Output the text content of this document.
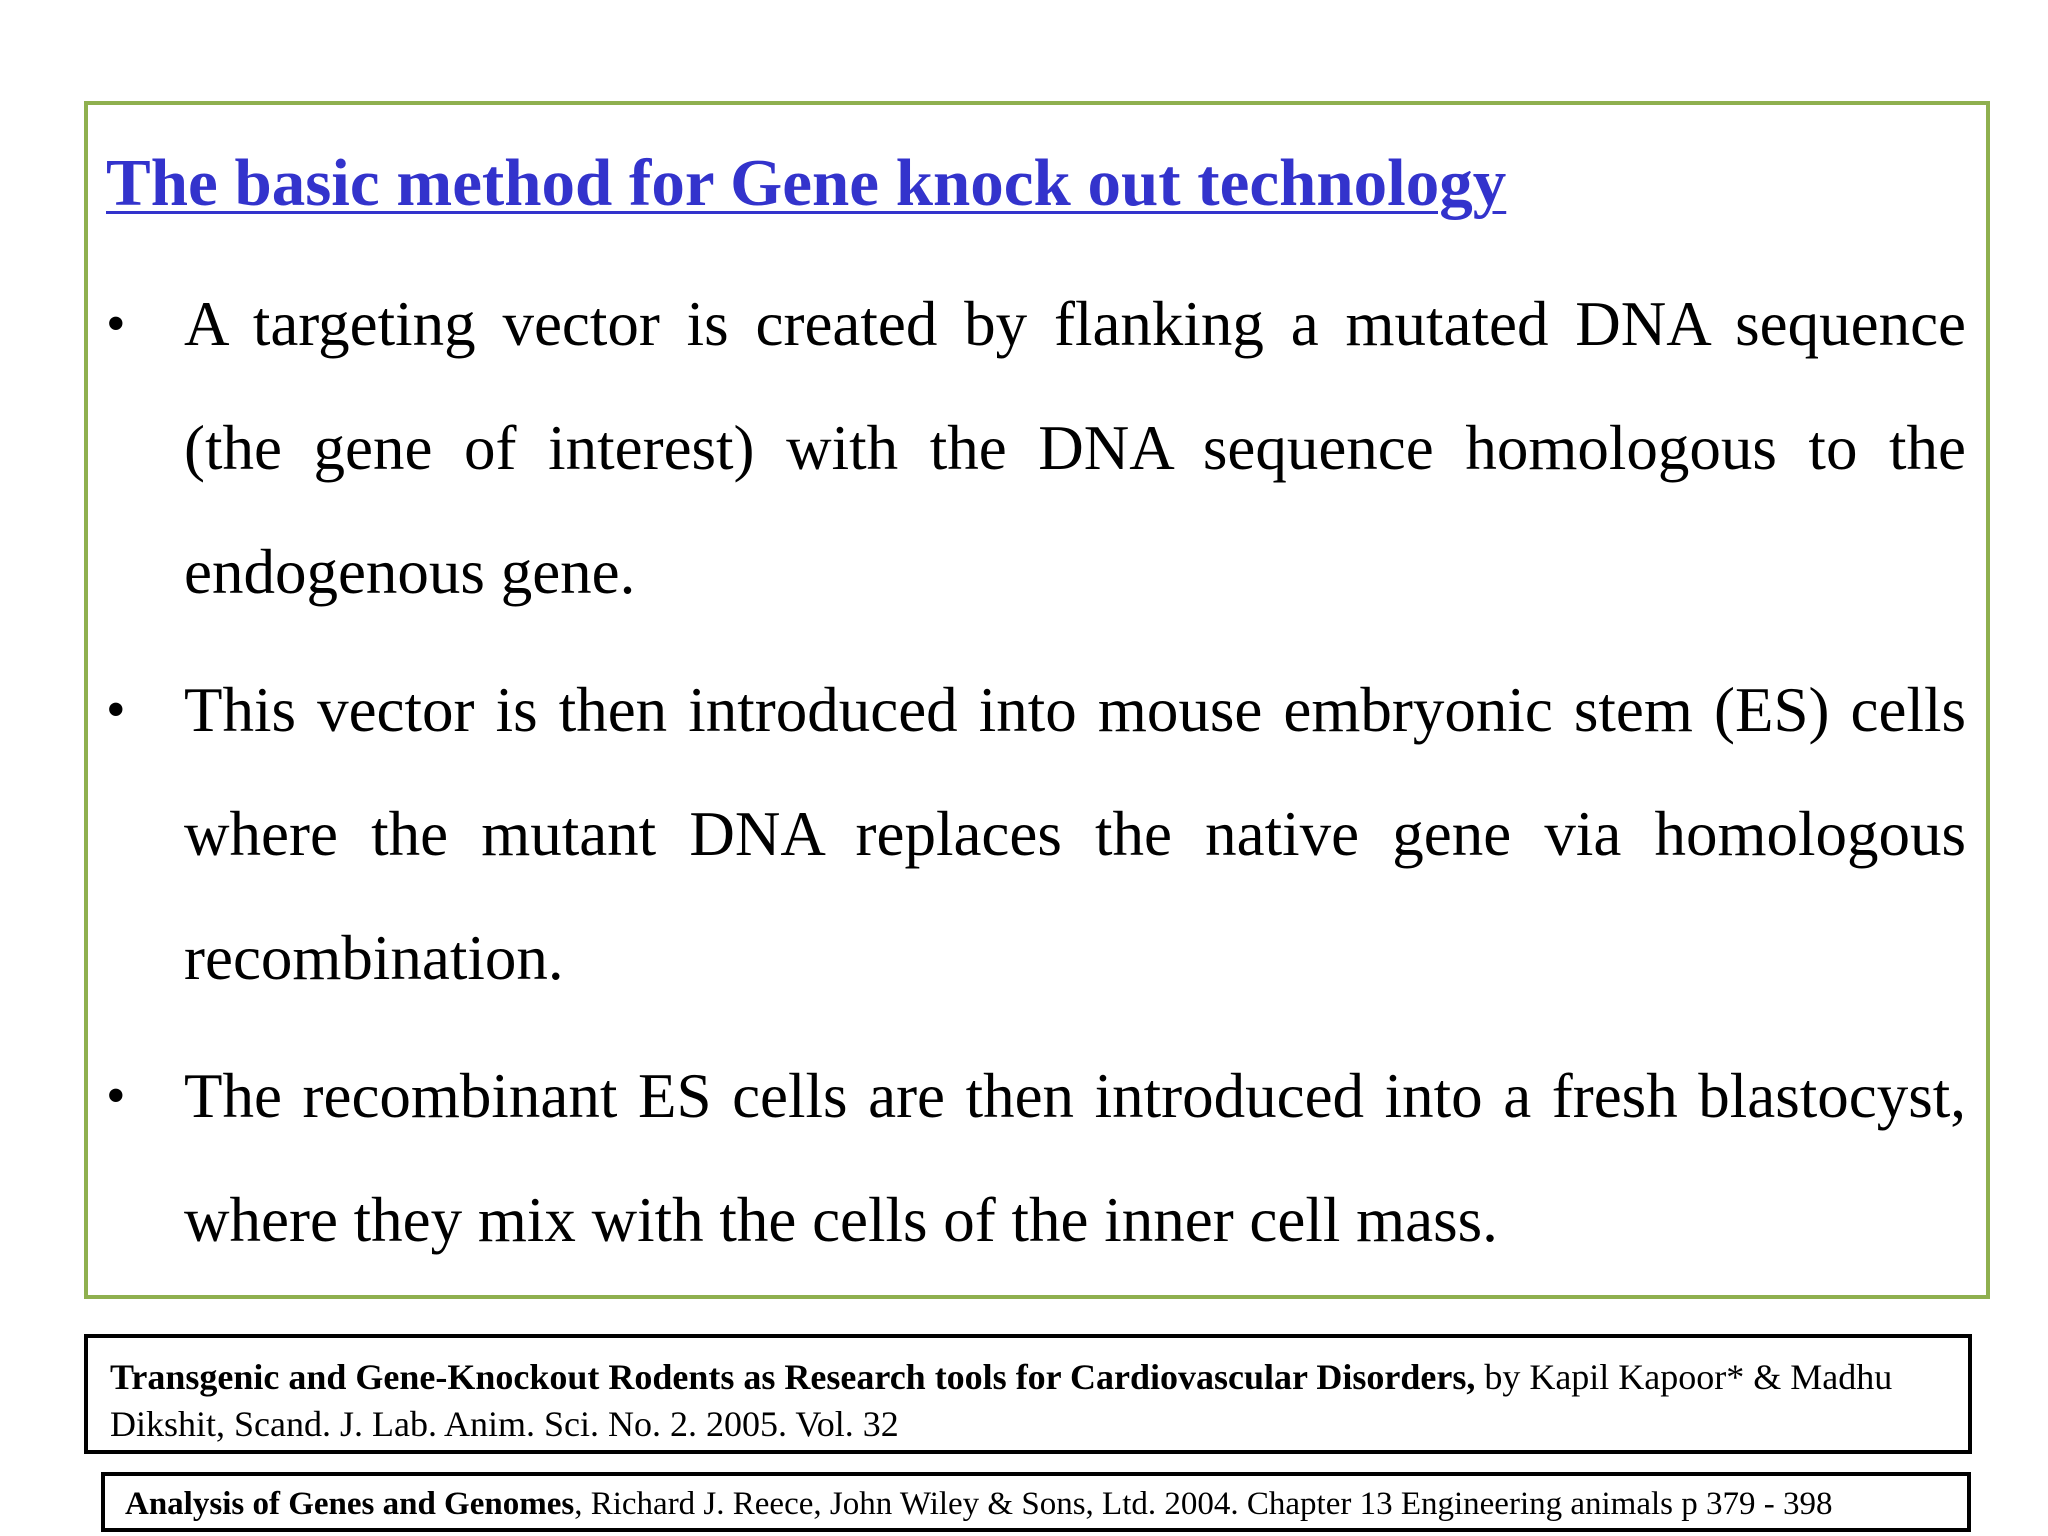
The basic method for Gene knock out technology
• A targeting vector is created by flanking a mutated DNA sequence (the gene of interest) with the DNA sequence homologous to the endogenous gene.
• This vector is then introduced into mouse embryonic stem (ES) cells where the mutant DNA replaces the native gene via homologous recombination.
• The recombinant ES cells are then introduced into a fresh blastocyst, where they mix with the cells of the inner cell mass.
Transgenic and Gene-Knockout Rodents as Research tools for Cardiovascular Disorders, by Kapil Kapoor* & Madhu Dikshit, Scand. J. Lab. Anim. Sci. No. 2. 2005. Vol. 32
Analysis of Genes and Genomes, Richard J. Reece, John Wiley & Sons, Ltd. 2004. Chapter 13 Engineering animals p 379 - 398
